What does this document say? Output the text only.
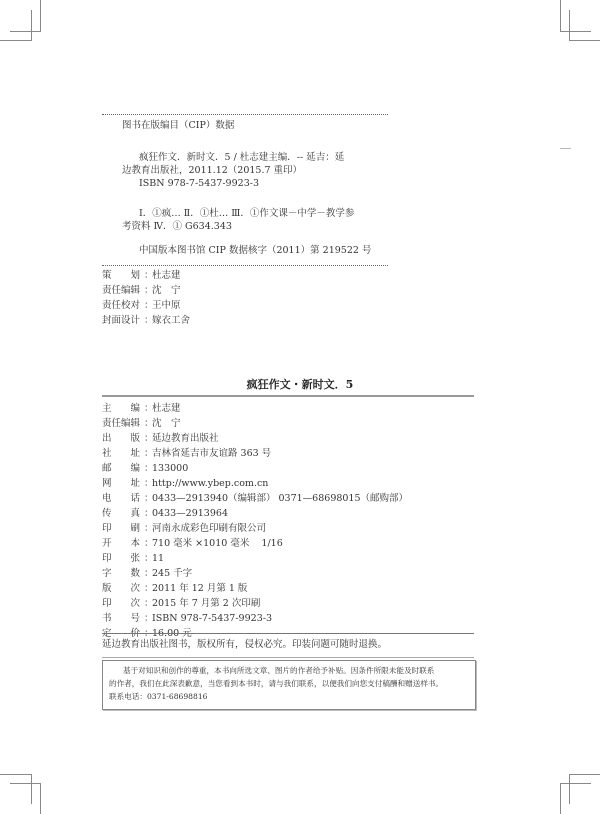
图书在版编目（CIP）数据
疯狂作文．新时文．5 / 杜志建主编．-- 延吉：延
边教育出版社，2011.12（2015.7 重印）
ISBN 978-7-5437-9923-3
Ⅰ．①疯… Ⅱ．①杜… Ⅲ．①作文课－中学－教学参
考资料 Ⅳ．① G634.343
中国版本图书馆 CIP 数据核字（2011）第 219522 号
策　　划 ：杜志建
责任编辑 ：沈　宁
责任校对 ：王中原
封面设计 ：嫁衣工舍
疯狂作文・新时文．5
主　　编 ：杜志建
责任编辑 ：沈　宁
出　　版 ：延边教育出版社
社　　址 ：吉林省延吉市友谊路 363 号
邮　　编 ：133000
网　　址 ：http://www.ybep.com.cn
电　　话 ：0433—2913940（编辑部） 0371—68698015（邮购部）
传　　真 ：0433—2913964
印　　刷 ：河南永成彩色印刷有限公司
开　　本 ：710 毫米 ×1010 毫米    1/16
印　　张 ：11
字　　数 ：245 千字
版　　次 ：2011 年 12 月第 1 版
印　　次 ：2015 年 7 月第 2 次印刷
书　　号 ：ISBN 978-7-5437-9923-3
定　　价 ：16.00 元
延边教育出版社图书，版权所有，侵权必究。印装问题可随时退换。
基于对知识和创作的尊重，本书向所选文章、图片的作者给予补贴。因条件所限未能及时联系
的作者，我们在此深表歉意，当您看到本书时，请与我们联系，以便我们向您支付稿酬和赠送样书。
联系电话：0371-68698816
